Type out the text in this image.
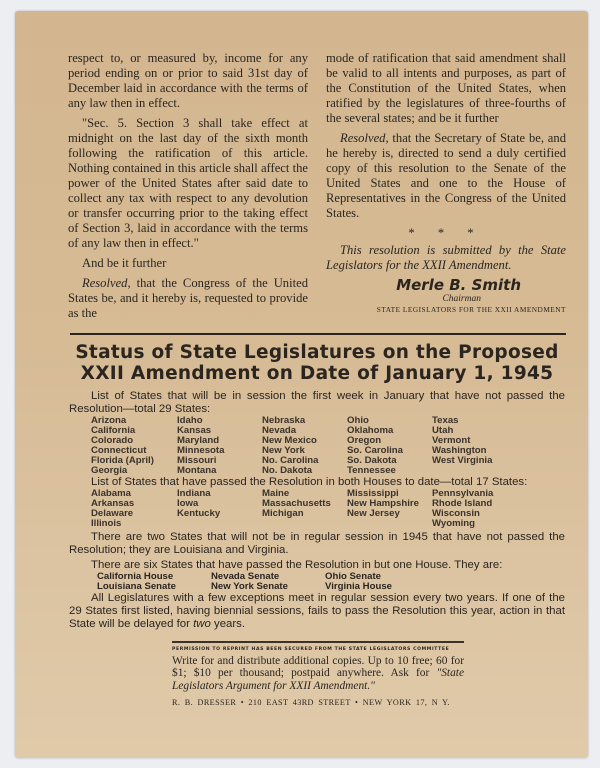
respect to, or measured by, income for any period ending on or prior to said 31st day of December laid in accordance with the terms of any law then in effect.

"Sec. 5. Section 3 shall take effect at midnight on the last day of the sixth month following the ratification of this article. Nothing contained in this article shall affect the power of the United States after said date to collect any tax with respect to any devolution or transfer occurring prior to the taking effect of Section 3, laid in accordance with the terms of any law then in effect."

And be it further

Resolved, that the Congress of the United States be, and it hereby is, requested to provide as the

mode of ratification that said amendment shall be valid to all intents and purposes, as part of the Constitution of the United States, when ratified by the legislatures of three-fourths of the several states; and be it further

Resolved, that the Secretary of State be, and he hereby is, directed to send a duly certified copy of this resolution to the Senate of the United States and one to the House of Representatives in the Congress of the United States.

* * *

This resolution is submitted by the State Legislators for the XXII Amendment.

Merle B. Smith
Chairman
STATE LEGISLATORS FOR THE XXII AMENDMENT
Status of State Legislatures on the Proposed XXII Amendment on Date of January 1, 1945

List of States that will be in session the first week in January that have not passed the Resolution—total 29 States:

Arizona
California
Colorado
Connecticut
Florida (April)
Georgia
Idaho
Kansas
Maryland
Minnesota
Missouri
Montana
Nebraska
Nevada
New Mexico
New York
No. Carolina
No. Dakota
Ohio
Oklahoma
Oregon
So. Carolina
So. Dakota
Tennessee
Texas
Utah
Vermont
Washington
West Virginia

List of States that have passed the Resolution in both Houses to date—total 17 States:

Alabama
Arkansas
Delaware
Illinois
Indiana
Iowa
Kentucky
Maine
Massachusetts
Michigan
Mississippi
New Hampshire
New Jersey
Pennsylvania
Rhode Island
Wisconsin
Wyoming

There are two States that will not be in regular session in 1945 that have not passed the Resolution; they are Louisiana and Virginia.

There are six States that have passed the Resolution in but one House. They are:

California House
Louisiana Senate
Nevada Senate
New York Senate
Ohio Senate
Virginia House

All Legislatures with a few exceptions meet in regular session every two years. If one of the 29 States first listed, having biennial sessions, fails to pass the Resolution this year, action in that State will be delayed for two years.

PERMISSION TO REPRINT HAS BEEN SECURED FROM THE STATE LEGISLATORS COMMITTEE

Write for and distribute additional copies. Up to 10 free; 60 for $1; $10 per thousand; postpaid anywhere. Ask for "State Legislators Argument for XXII Amendment."

R. B. DRESSER • 210 EAST 43RD STREET • NEW YORK 17, N Y.
